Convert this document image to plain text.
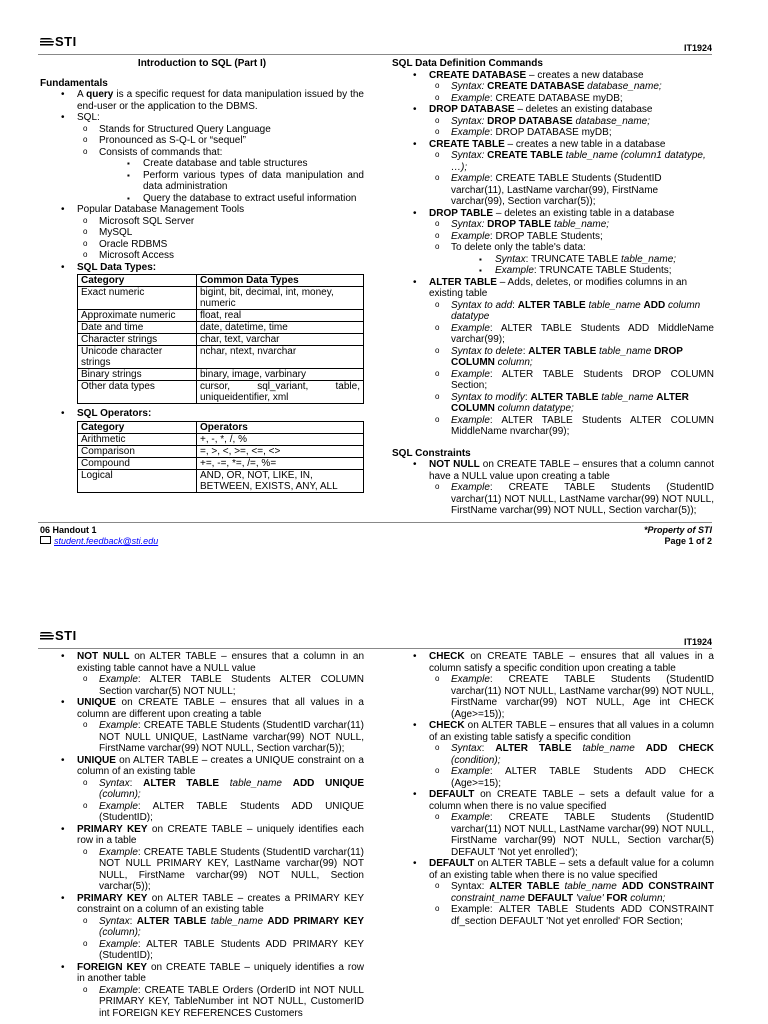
STI	IT1924

Introduction to SQL (Part I)

Fundamentals

• A query is a specific request for data manipulation issued by the end-user or the application to the DBMS.
• SQL:
o Stands for Structured Query Language
o Pronounced as S-Q-L or “sequel”
o Consists of commands that:
▪ Create database and table structures
▪ Perform various types of data manipulation and data administration
▪ Query the database to extract useful information
• Popular Database Management Tools
o Microsoft SQL Server
o MySQL
o Oracle RDBMS
o Microsoft Access
• SQL Data Types:
Category	Common Data Types
Exact numeric	bigint, bit, decimal, int, money, numeric
Approximate numeric	float, real
Date and time	date, datetime, time
Character strings	char, text, varchar
Unicode character strings	nchar, ntext, nvarchar
Binary strings	binary, image, varbinary
Other data types	cursor, sql_variant, table, uniqueidentifier, xml
• SQL Operators:
Category	Operators
Arithmetic	+, -, *, /, %
Comparison	=, >, <, >=, <=, <>
Compound	+=, -=, *=, /=, %=
Logical	AND, OR, NOT, LIKE, IN, BETWEEN, EXISTS, ANY, ALL

SQL Data Definition Commands

• CREATE DATABASE – creates a new database
o Syntax: CREATE DATABASE database_name;
o Example: CREATE DATABASE myDB;
• DROP DATABASE – deletes an existing database
o Syntax: DROP DATABASE database_name;
o Example: DROP DATABASE myDB;
• CREATE TABLE – creates a new table in a database
o Syntax: CREATE TABLE table_name (column1 datatype, …);
o Example: CREATE TABLE Students (StudentID varchar(11), LastName varchar(99), FirstName varchar(99), Section varchar(5));
• DROP TABLE – deletes an existing table in a database
o Syntax: DROP TABLE table_name;
o Example: DROP TABLE Students;
o To delete only the table's data:
▪ Syntax: TRUNCATE TABLE table_name;
▪ Example: TRUNCATE TABLE Students;
• ALTER TABLE – Adds, deletes, or modifies columns in an existing table
o Syntax to add: ALTER TABLE table_name ADD column datatype
o Example: ALTER TABLE Students ADD MiddleName varchar(99);
o Syntax to delete: ALTER TABLE table_name DROP COLUMN column;
o Example: ALTER TABLE Students DROP COLUMN Section;
o Syntax to modify: ALTER TABLE table_name ALTER COLUMN column datatype;
o Example: ALTER TABLE Students ALTER COLUMN MiddleName nvarchar(99);

SQL Constraints

• NOT NULL on CREATE TABLE – ensures that a column cannot have a NULL value upon creating a table
o Example: CREATE TABLE Students (StudentID varchar(11) NOT NULL, LastName varchar(99) NOT NULL, FirstName varchar(99) NOT NULL, Section varchar(5));
06 Handout 1
student.feedback@sti.edu
*Property of STI
Page 1 of 2
STI	IT1924
• NOT NULL on ALTER TABLE – ensures that a column in an existing table cannot have a NULL value
o Example: ALTER TABLE Students ALTER COLUMN Section varchar(5) NOT NULL;
• UNIQUE on CREATE TABLE – ensures that all values in a column are different upon creating a table
o Example: CREATE TABLE Students (StudentID varchar(11) NOT NULL UNIQUE, LastName varchar(99) NOT NULL, FirstName varchar(99) NOT NULL, Section varchar(5));
• UNIQUE on ALTER TABLE – creates a UNIQUE constraint on a column of an existing table
o Syntax: ALTER TABLE table_name ADD UNIQUE (column);
o Example: ALTER TABLE Students ADD UNIQUE (StudentID);
• PRIMARY KEY on CREATE TABLE – uniquely identifies each row in a table
o Example: CREATE TABLE Students (StudentID varchar(11) NOT NULL PRIMARY KEY, LastName varchar(99) NOT NULL, FirstName varchar(99) NOT NULL, Section varchar(5));
• PRIMARY KEY on ALTER TABLE – creates a PRIMARY KEY constraint on a column of an existing table
o Syntax: ALTER TABLE table_name ADD PRIMARY KEY (column);
o Example: ALTER TABLE Students ADD PRIMARY KEY (StudentID);
• FOREIGN KEY on CREATE TABLE – uniquely identifies a row in another table
o Example: CREATE TABLE Orders (OrderID int NOT NULL PRIMARY KEY, TableNumber int NOT NULL, CustomerID int FOREIGN KEY REFERENCES Customers
• CHECK on CREATE TABLE – ensures that all values in a column satisfy a specific condition upon creating a table
o Example: CREATE TABLE Students (StudentID varchar(11) NOT NULL, LastName varchar(99) NOT NULL, FirstName varchar(99) NOT NULL, Age int CHECK (Age>=15));
• CHECK on ALTER TABLE – ensures that all values in a column of an existing table satisfy a specific condition
o Syntax: ALTER TABLE table_name ADD CHECK (condition);
o Example: ALTER TABLE Students ADD CHECK (Age>=15);
• DEFAULT on CREATE TABLE – sets a default value for a column when there is no value specified
o Example: CREATE TABLE Students (StudentID varchar(11) NOT NULL, LastName varchar(99) NOT NULL, FirstName varchar(99) NOT NULL, Section varchar(5) DEFAULT 'Not yet enrolled');
• DEFAULT on ALTER TABLE – sets a default value for a column of an existing table when there is no value specified
o Syntax: ALTER TABLE table_name ADD CONSTRAINT constraint_name DEFAULT 'value' FOR column;
o Example: ALTER TABLE Students ADD CONSTRAINT df_section DEFAULT 'Not yet enrolled' FOR Section;
